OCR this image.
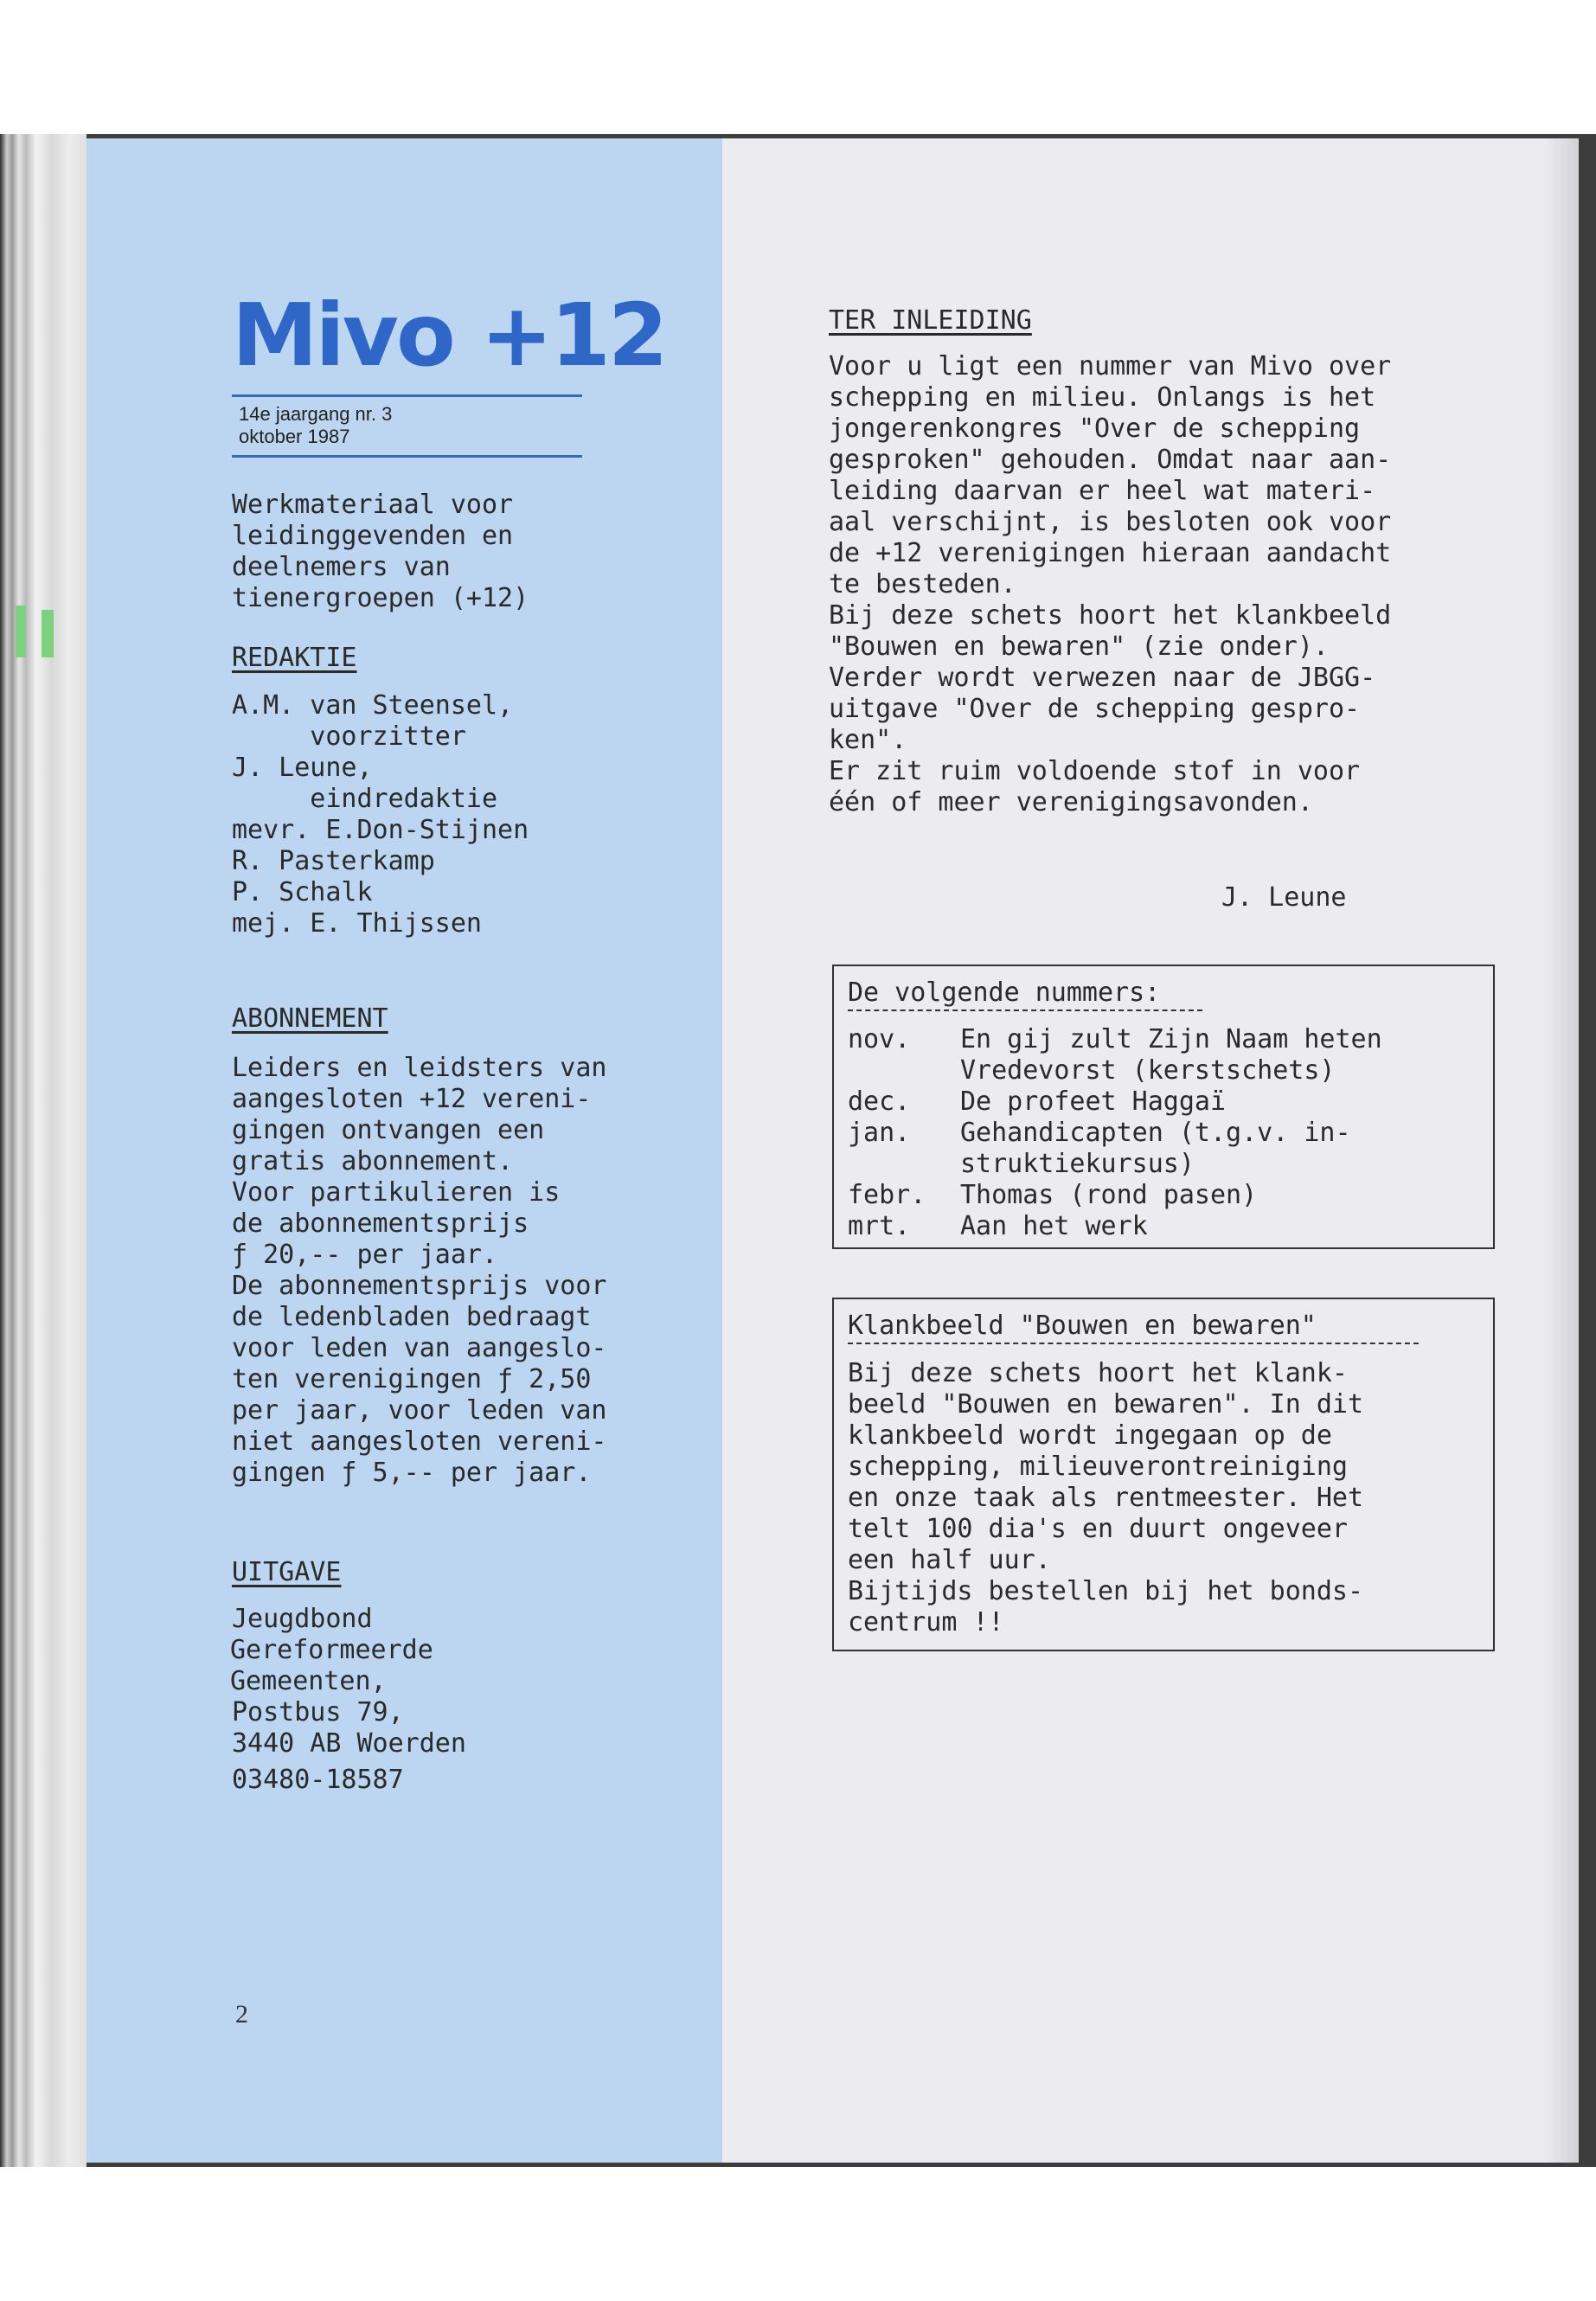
Mivo +12
14e jaargang nr. 3
oktober 1987
Werkmateriaal voor
leidinggevenden en
deelnemers van
tienergroepen (+12)
REDAKTIE
A.M. van Steensel,
voorzitter
J. Leune,
eindredaktie
mevr. E.Don-Stijnen
R. Pasterkamp
P. Schalk
mej. E. Thijssen
ABONNEMENT
Leiders en leidsters van
aangesloten +12 vereni-
gingen ontvangen een
gratis abonnement.
Voor partikulieren is
de abonnementsprijs
ƒ 20,-- per jaar.
De abonnementsprijs voor
de ledenbladen bedraagt
voor leden van aangeslo-
ten verenigingen ƒ 2,50
per jaar, voor leden van
niet aangesloten vereni-
gingen ƒ 5,-- per jaar.
UITGAVE
Jeugdbond
Gereformeerde
Gemeenten,
Postbus 79,
3440 AB Woerden
03480-18587
2
TER INLEIDING
Voor u ligt een nummer van Mivo over
schepping en milieu. Onlangs is het
jongerenkongres "Over de schepping
gesproken" gehouden. Omdat naar aan-
leiding daarvan er heel wat materi-
aal verschijnt, is besloten ook voor
de +12 verenigingen hieraan aandacht
te besteden.
Bij deze schets hoort het klankbeeld
"Bouwen en bewaren" (zie onder).
Verder wordt verwezen naar de JBGG-
uitgave "Over de schepping gespro-
ken".
Er zit ruim voldoende stof in voor
één of meer verenigingsavonden.
J. Leune
De volgende nummers:
nov.
dec.
jan.
febr.
mrt.
En gij zult Zijn Naam heten
Vredevorst (kerstschets)
De profeet Haggaï
Gehandicapten (t.g.v. in-
struktiekursus)
Thomas (rond pasen)
Aan het werk
Klankbeeld "Bouwen en bewaren"
Bij deze schets hoort het klank-
beeld "Bouwen en bewaren". In dit
klankbeeld wordt ingegaan op de
schepping, milieuverontreiniging
en onze taak als rentmeester. Het
telt 100 dia's en duurt ongeveer
een half uur.
Bijtijds bestellen bij het bonds-
centrum !!
